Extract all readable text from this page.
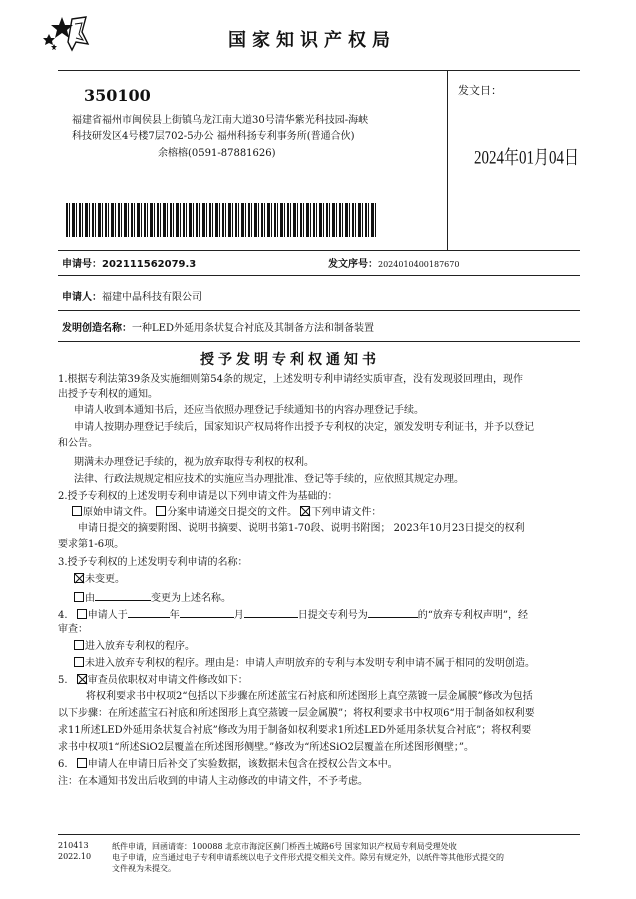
国家知识产权局
350100
福建省福州市闽侯县上街镇乌龙江南大道30号清华紫光科技园-海峡
科技研发区4号楼7层702-5办公 福州科扬专利事务所(普通合伙)
余榕榕(0591-87881626)
发文日：
2024年01月04日
申请号：202111562079.3	发文序号：2024010400187670
申请人：福建中晶科技有限公司
发明创造名称：一种LED外延用条状复合衬底及其制备方法和制备装置
授予发明专利权通知书
1.根据专利法第39条及实施细则第54条的规定，上述发明专利申请经实质审查，没有发现驳回理由，现作
出授予专利权的通知。
申请人收到本通知书后，还应当依照办理登记手续通知书的内容办理登记手续。
申请人按期办理登记手续后，国家知识产权局将作出授予专利权的决定，颁发发明专利证书，并予以登记
和公告。
期满未办理登记手续的，视为放弃取得专利权的权利。
法律、行政法规规定相应技术的实施应当办理批准、登记等手续的，应依照其规定办理。
2.授予专利权的上述发明专利申请是以下列申请文件为基础的：
原始申请文件。 分案申请递交日提交的文件。 下列申请文件：
申请日提交的摘要附图、说明书摘要、说明书第1-70段、说明书附图； 2023年10月23日提交的权利
要求第1-6项。
3.授予专利权的上述发明专利申请的名称：
未变更。
由	变更为上述名称。
4. 申请人于	年	月	日提交专利号为	的“放弃专利权声明”，经
审查：
进入放弃专利权的程序。
未进入放弃专利权的程序。理由是：申请人声明放弃的专利与本发明专利申请不属于相同的发明创造。
5. 审查员依职权对申请文件修改如下：
将权利要求书中权项2“包括以下步骤在所述蓝宝石衬底和所述图形上真空蒸镀一层金属膜”修改为包括
以下步骤：在所述蓝宝石衬底和所述图形上真空蒸镀一层金属膜”；将权利要求书中权项6“用于制备如权利要
求11所述LED外延用条状复合衬底”修改为用于制备如权利要求1所述LED外延用条状复合衬底”；将权利要
求书中权项1“所述SiO2层覆盖在所述图形侧壁。”修改为“所述SiO2层覆盖在所述图形侧壁；”。
6. 申请人在申请日后补交了实验数据，该数据未包含在授权公告文本中。
注：在本通知书发出后收到的申请人主动修改的申请文件，不予考虑。
210413
2022.10
纸件申请，回函请寄：100088 北京市海淀区蓟门桥西土城路6号 国家知识产权局专利局受理处收
电子申请，应当通过电子专利申请系统以电子文件形式提交相关文件。除另有规定外，以纸件等其他形式提交的
文件视为未提交。
